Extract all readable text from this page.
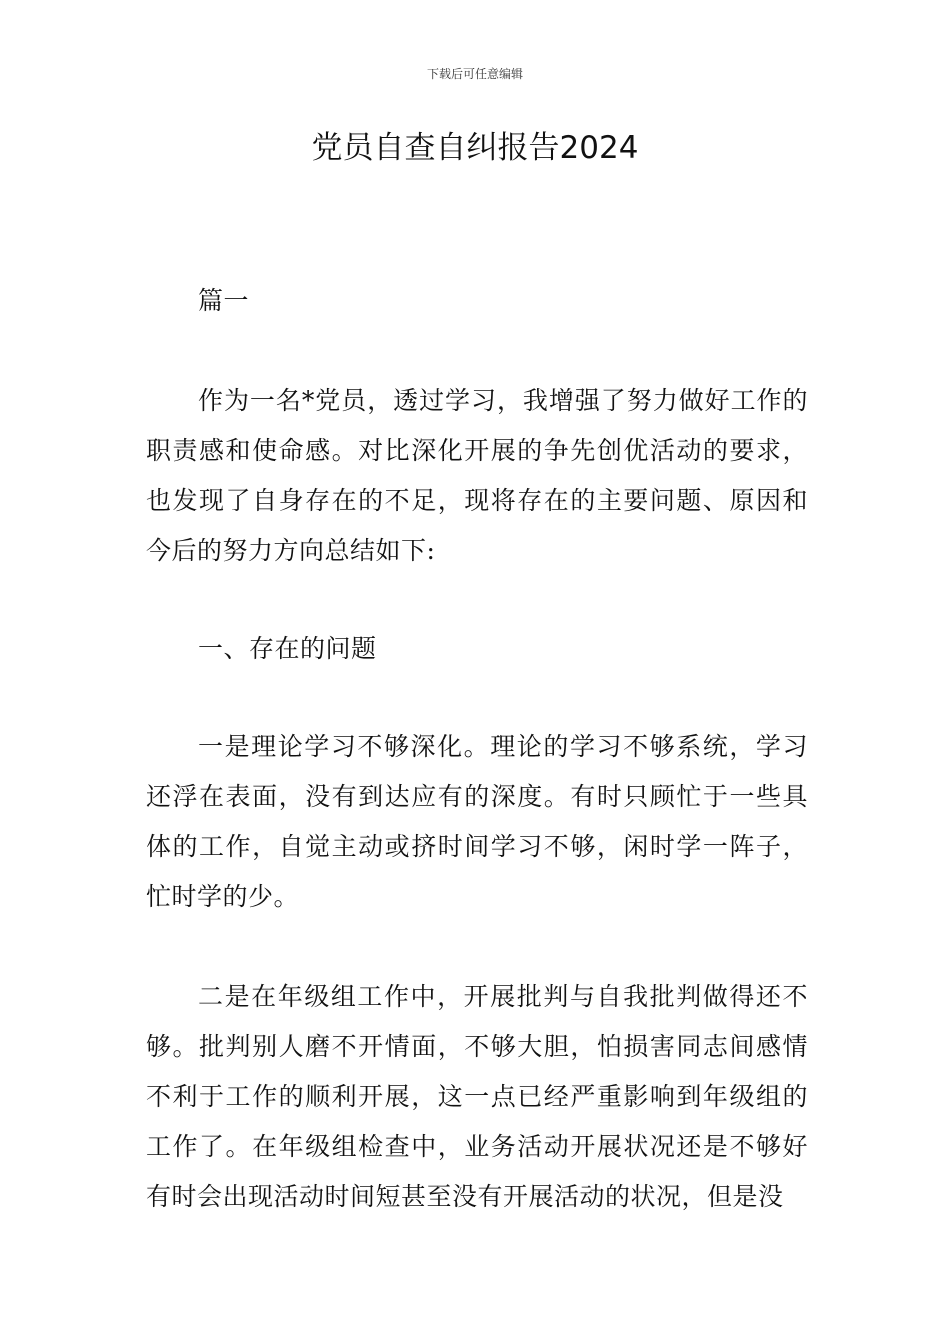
下载后可任意编辑
党员自查自纠报告2024

篇一

作为一名*党员，透过学习，我增强了努力做好工作的职责感和使命感。对比深化开展的争先创优活动的要求，也发现了自身存在的不足，现将存在的主要问题、原因和今后的努力方向总结如下:

一、存在的问题

一是理论学习不够深化。理论的学习不够系统，学习还浮在表面，没有到达应有的深度。有时只顾忙于一些具体的工作，自觉主动或挤时间学习不够，闲时学一阵子，忙时学的少。

二是在年级组工作中，开展批判与自我批判做得还不够。批判别人磨不开情面，不够大胆，怕损害同志间感情不利于工作的顺利开展，这一点已经严重影响到年级组的工作了。在年级组检查中，业务活动开展状况还是不够好有时会出现活动时间短甚至没有开展活动的状况，但是没
